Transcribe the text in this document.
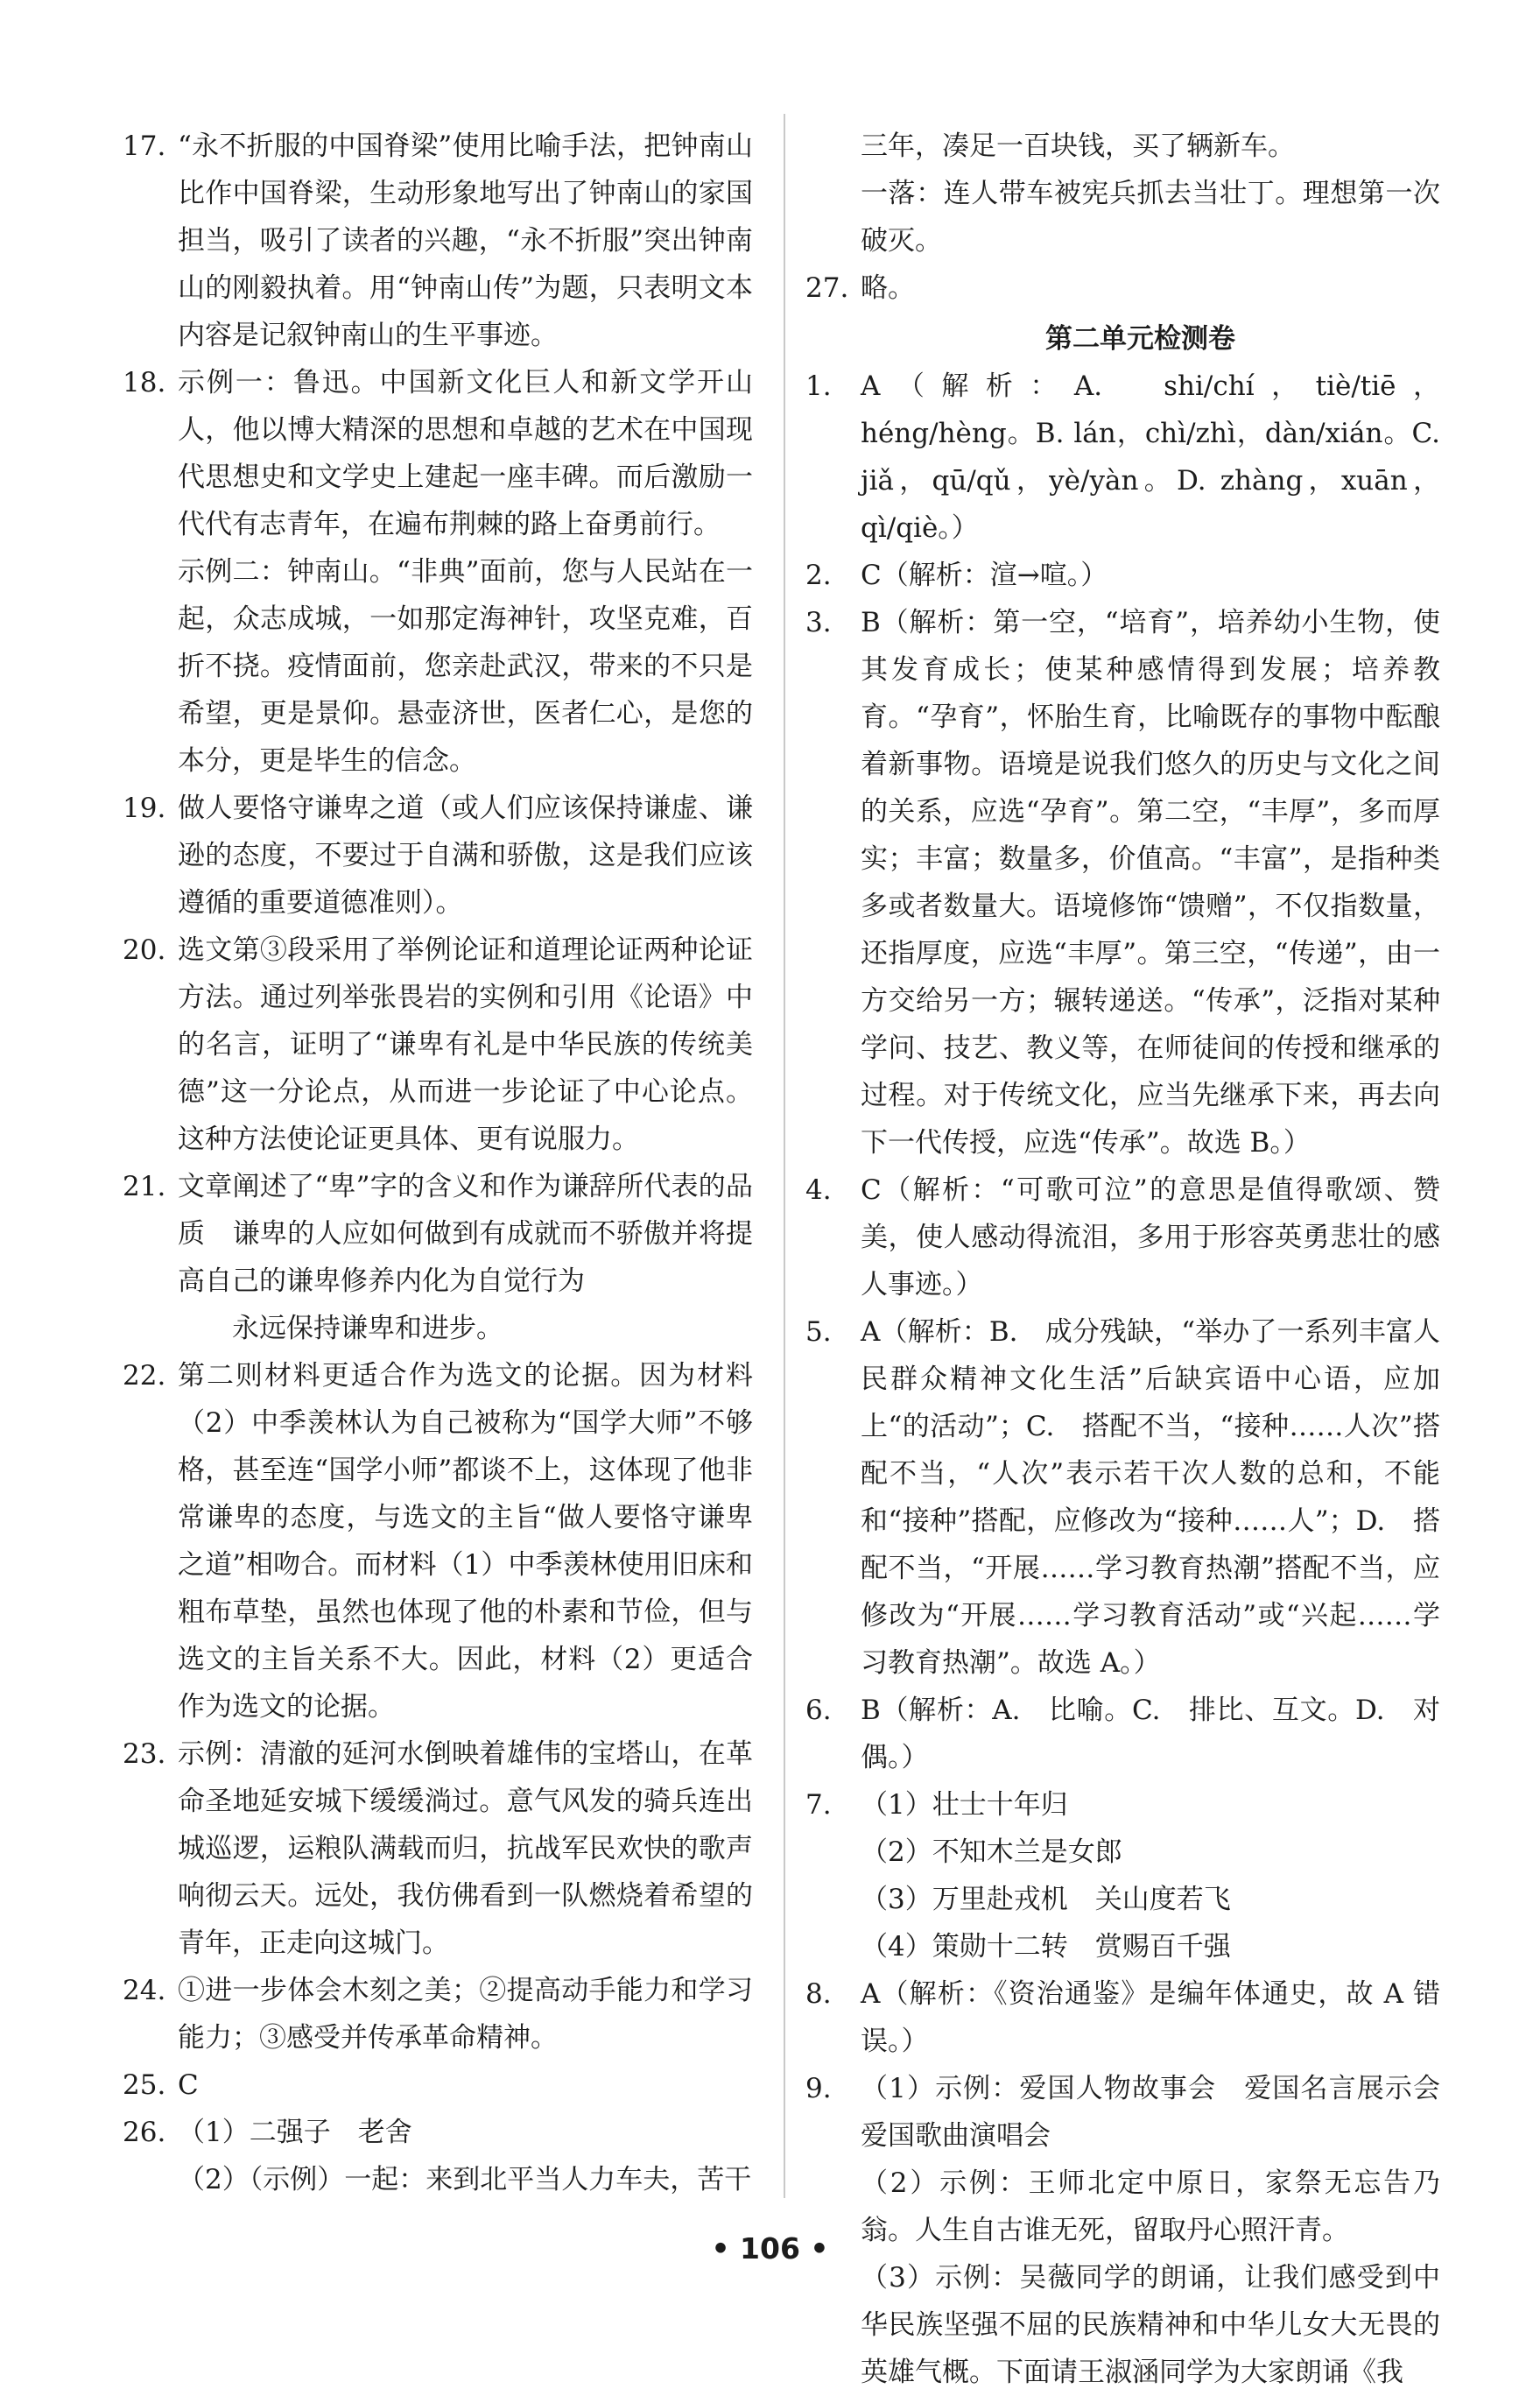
17. “永不折服的中国脊梁”使用比喻手法，把钟南山比作中国脊梁，生动形象地写出了钟南山的家国担当，吸引了读者的兴趣，“永不折服”突出钟南山的刚毅执着。用“钟南山传”为题，只表明文本内容是记叙钟南山的生平事迹。

18. 示例一：鲁迅。中国新文化巨人和新文学开山人，他以博大精深的思想和卓越的艺术在中国现代思想史和文学史上建起一座丰碑。而后激励一代代有志青年，在遍布荆棘的路上奋勇前行。

示例二：钟南山。“非典”面前，您与人民站在一起，众志成城，一如那定海神针，攻坚克难，百折不挠。疫情面前，您亲赴武汉，带来的不只是希望，更是景仰。悬壶济世，医者仁心，是您的本分，更是毕生的信念。

19. 做人要恪守谦卑之道（或人们应该保持谦虚、谦逊的态度，不要过于自满和骄傲，这是我们应该遵循的重要道德准则）。

20. 选文第③段采用了举例论证和道理论证两种论证方法。通过列举张畏岩的实例和引用《论语》中的名言，证明了“谦卑有礼是中华民族的传统美德”这一分论点，从而进一步论证了中心论点。这种方法使论证更具体、更有说服力。

21. 文章阐述了“卑”字的含义和作为谦辞所代表的品质　谦卑的人应如何做到有成就而不骄傲并将提高自己的谦卑修养内化为自觉行为

永远保持谦卑和进步。

22. 第二则材料更适合作为选文的论据。因为材料（2）中季羡林认为自己被称为“国学大师”不够格，甚至连“国学小师”都谈不上，这体现了他非常谦卑的态度，与选文的主旨“做人要恪守谦卑之道”相吻合。而材料（1）中季羡林使用旧床和粗布草垫，虽然也体现了他的朴素和节俭，但与选文的主旨关系不大。因此，材料（2）更适合作为选文的论据。

23. 示例：清澈的延河水倒映着雄伟的宝塔山，在革命圣地延安城下缓缓淌过。意气风发的骑兵连出城巡逻，运粮队满载而归，抗战军民欢快的歌声响彻云天。远处，我仿佛看到一队燃烧着希望的青年，正走向这城门。

24. ①进一步体会木刻之美；②提高动手能力和学习能力；③感受并传承革命精神。

25. C

26. （1）二强子　老舍

（2）（示例）一起：来到北平当人力车夫，苦干

三年，凑足一百块钱，买了辆新车。

一落：连人带车被宪兵抓去当壮丁。理想第一次破灭。

27. 略。

第二单元检测卷
1.	A（解析：A.　shi/chí，tiè/tiē，héng/hèng。B. lán，chì/zhì，dàn/xián。C.　jiǎ，qū/qǔ，yè/yàn。D. zhàng，xuān，qì/qiè。）

2.	C（解析：渲→喧。）

3.	B（解析：第一空，“培育”，培养幼小生物，使其发育成长；使某种感情得到发展；培养教育。“孕育”，怀胎生育，比喻既存的事物中酝酿着新事物。语境是说我们悠久的历史与文化之间的关系，应选“孕育”。第二空，“丰厚”，多而厚实；丰富；数量多，价值高。“丰富”，是指种类多或者数量大。语境修饰“馈赠”，不仅指数量，还指厚度，应选“丰厚”。第三空，“传递”，由一方交给另一方；辗转递送。“传承”，泛指对某种学问、技艺、教义等，在师徒间的传授和继承的过程。对于传统文化，应当先继承下来，再去向下一代传授，应选“传承”。故选 B。）

4.	C（解析：“可歌可泣”的意思是值得歌颂、赞美，使人感动得流泪，多用于形容英勇悲壮的感人事迹。）

5.	A（解析：B.　成分残缺，“举办了一系列丰富人民群众精神文化生活”后缺宾语中心语，应加上“的活动”；C.　搭配不当，“接种……人次”搭配不当，“人次”表示若干次人数的总和，不能和“接种”搭配，应修改为“接种……人”；D.　搭配不当，“开展……学习教育热潮”搭配不当，应修改为“开展……学习教育活动”或“兴起……学习教育热潮”。故选 A。）

6.	B（解析：A.　比喻。C.　排比、互文。D.　对偶。）

7.	（1）壮士十年归

（2）不知木兰是女郎

（3）万里赴戎机　关山度若飞

（4）策勋十二转　赏赐百千强

8.	A（解析：《资治通鉴》是编年体通史，故 A 错误。）

9.	（1）示例：爱国人物故事会　爱国名言展示会　爱国歌曲演唱会

（2）示例：王师北定中原日，家祭无忘告乃翁。人生自古谁无死，留取丹心照汗青。

（3）示例：吴薇同学的朗诵，让我们感受到中华民族坚强不屈的民族精神和中华儿女大无畏的英雄气概。下面请王淑涵同学为大家朗诵《我

• 106 •
